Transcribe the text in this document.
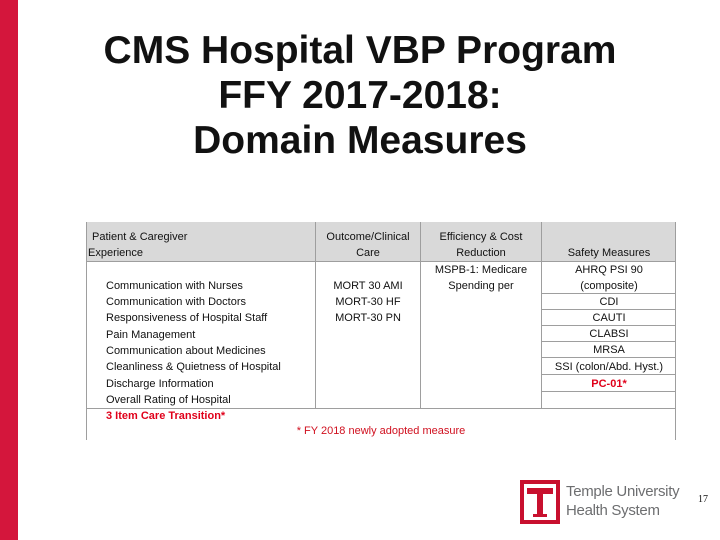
CMS Hospital VBP Program
FFY 2017-2018:
Domain Measures
Patient & Caregiver
Experience
Outcome/Clinical
Care
Efficiency & Cost
Reduction	Safety Measures
Communication with Nurses
Communication with Doctors
Responsiveness of Hospital Staff
Pain Management
Communication about Medicines
Cleanliness & Quietness of Hospital
Discharge Information
Overall Rating of Hospital
3 Item Care Transition*
MORT 30 AMI
MORT-30 HF
MORT-30 PN
MSPB-1: Medicare
Spending per
AHRQ PSI 90
(composite)
CDI
CAUTI
CLABSI
MRSA
SSI (colon/Abd. Hyst.)
PC-01*
* FY 2018 newly adopted measure
Temple University
Health System
17
